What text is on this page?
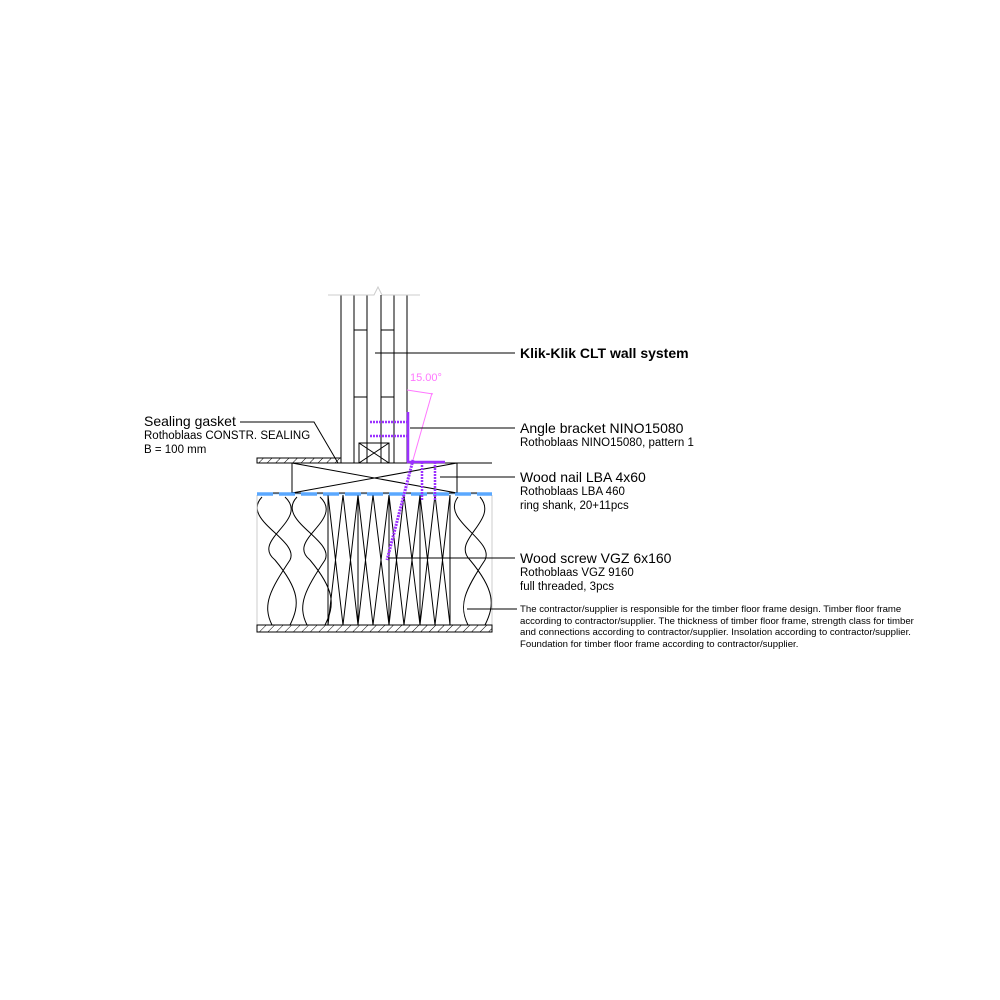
15.00°
Klik-Klik CLT wall system
Sealing gasket
Rothoblaas CONSTR. SEALING
B = 100 mm
Angle bracket NINO15080
Rothoblaas NINO15080, pattern 1
Wood nail LBA 4x60
Rothoblaas LBA 460
ring shank, 20+11pcs
Wood screw VGZ 6x160
Rothoblaas VGZ 9160
full threaded, 3pcs
The contractor/supplier is responsible for the timber floor frame design. Timber floor frame according to contractor/supplier. The thickness of timber floor frame, strength class for timber and connections according to contractor/supplier. Insolation according to contractor/supplier. Foundation for timber floor frame according to contractor/supplier.
